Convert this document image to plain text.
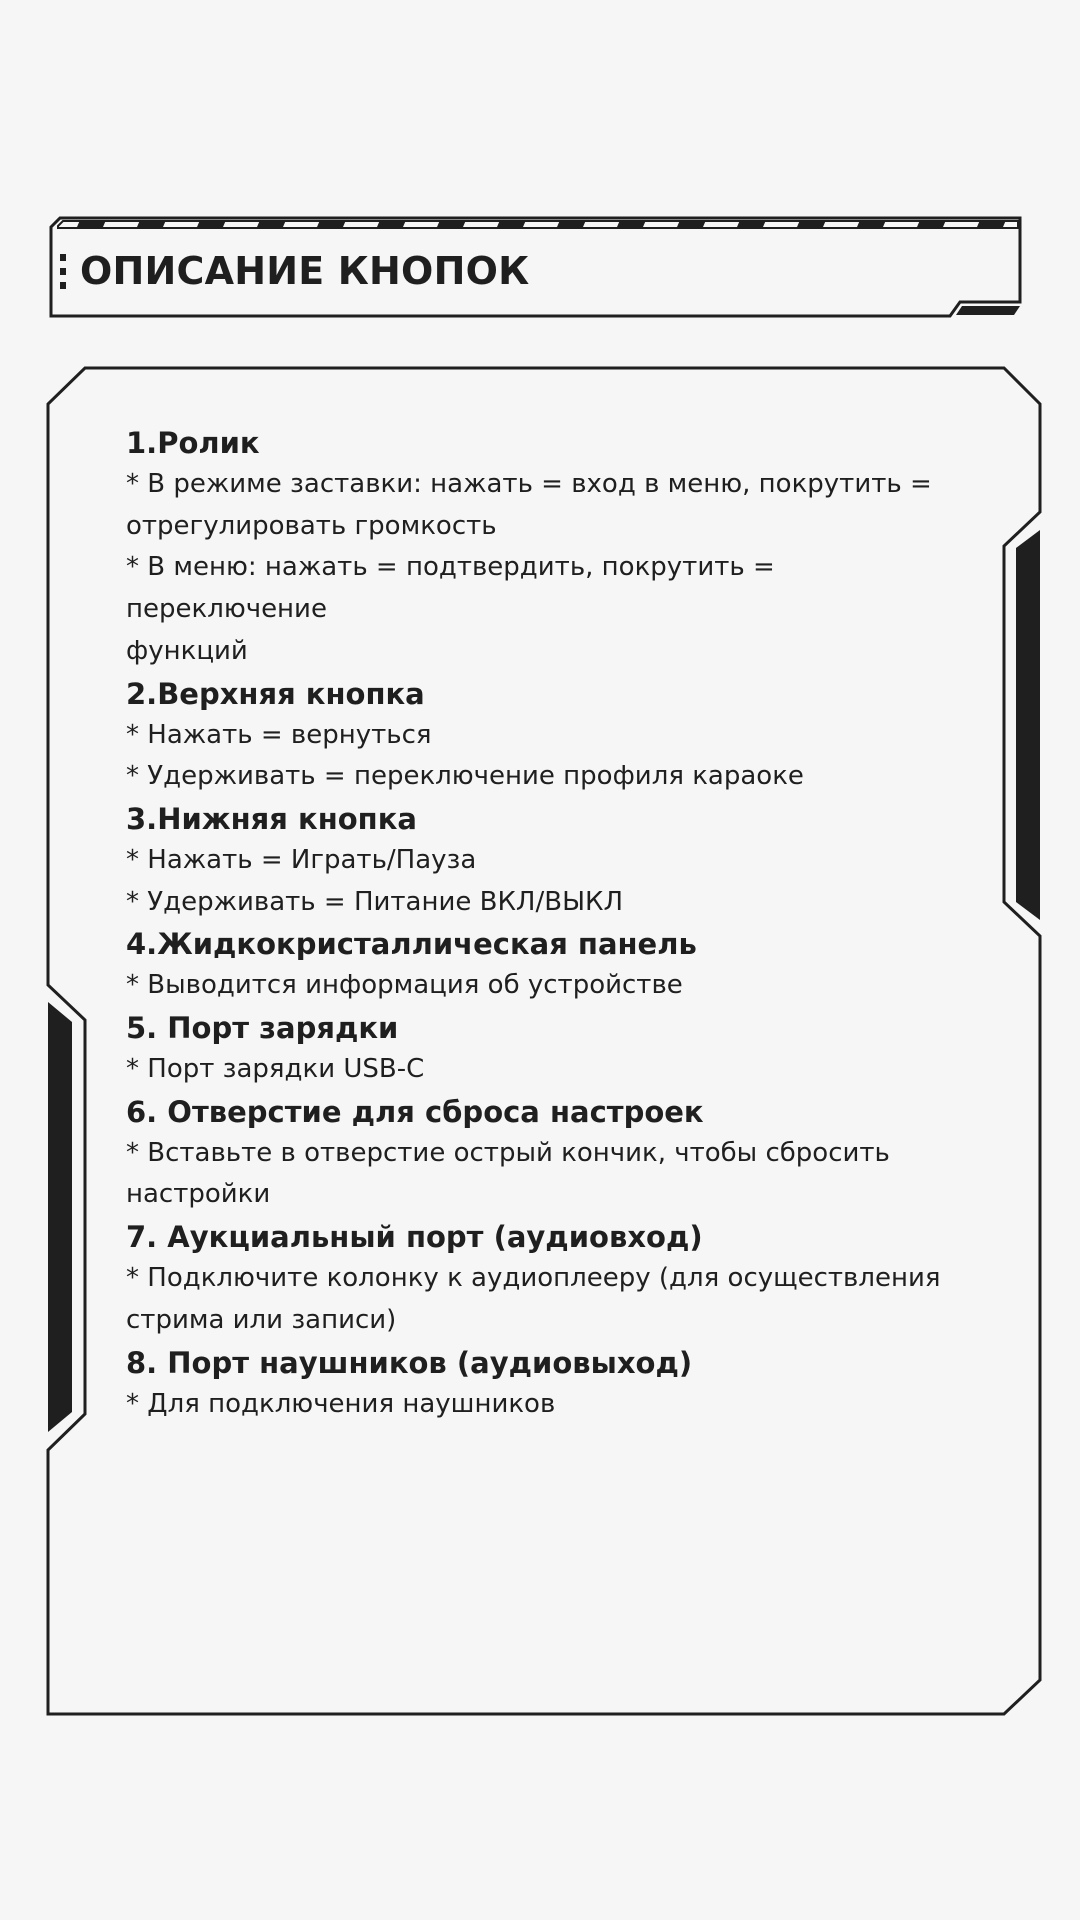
ОПИСАНИЕ КНОПОК
1.Ролик
* В режиме заставки: нажать = вход в меню, покрутить =
отрегулировать громкость
* В меню: нажать = подтвердить, покрутить = переключение
функций
2.Верхняя кнопка
* Нажать = вернуться
* Удерживать = переключение профиля караоке
3.Нижняя кнопка
* Нажать = Играть/Пауза
* Удерживать = Питание ВКЛ/ВЫКЛ
4.Жидкокристаллическая панель
* Выводится информация об устройстве
5. Порт зарядки
* Порт зарядки USB-C
6. Отверстие для сброса настроек
* Вставьте в отверстие острый кончик, чтобы сбросить
настройки
7. Аукциальный порт (аудиовход)
* Подключите колонку к аудиоплееру (для осуществления
стрима или записи)
8. Порт наушников (аудиовыход)
* Для подключения наушников
